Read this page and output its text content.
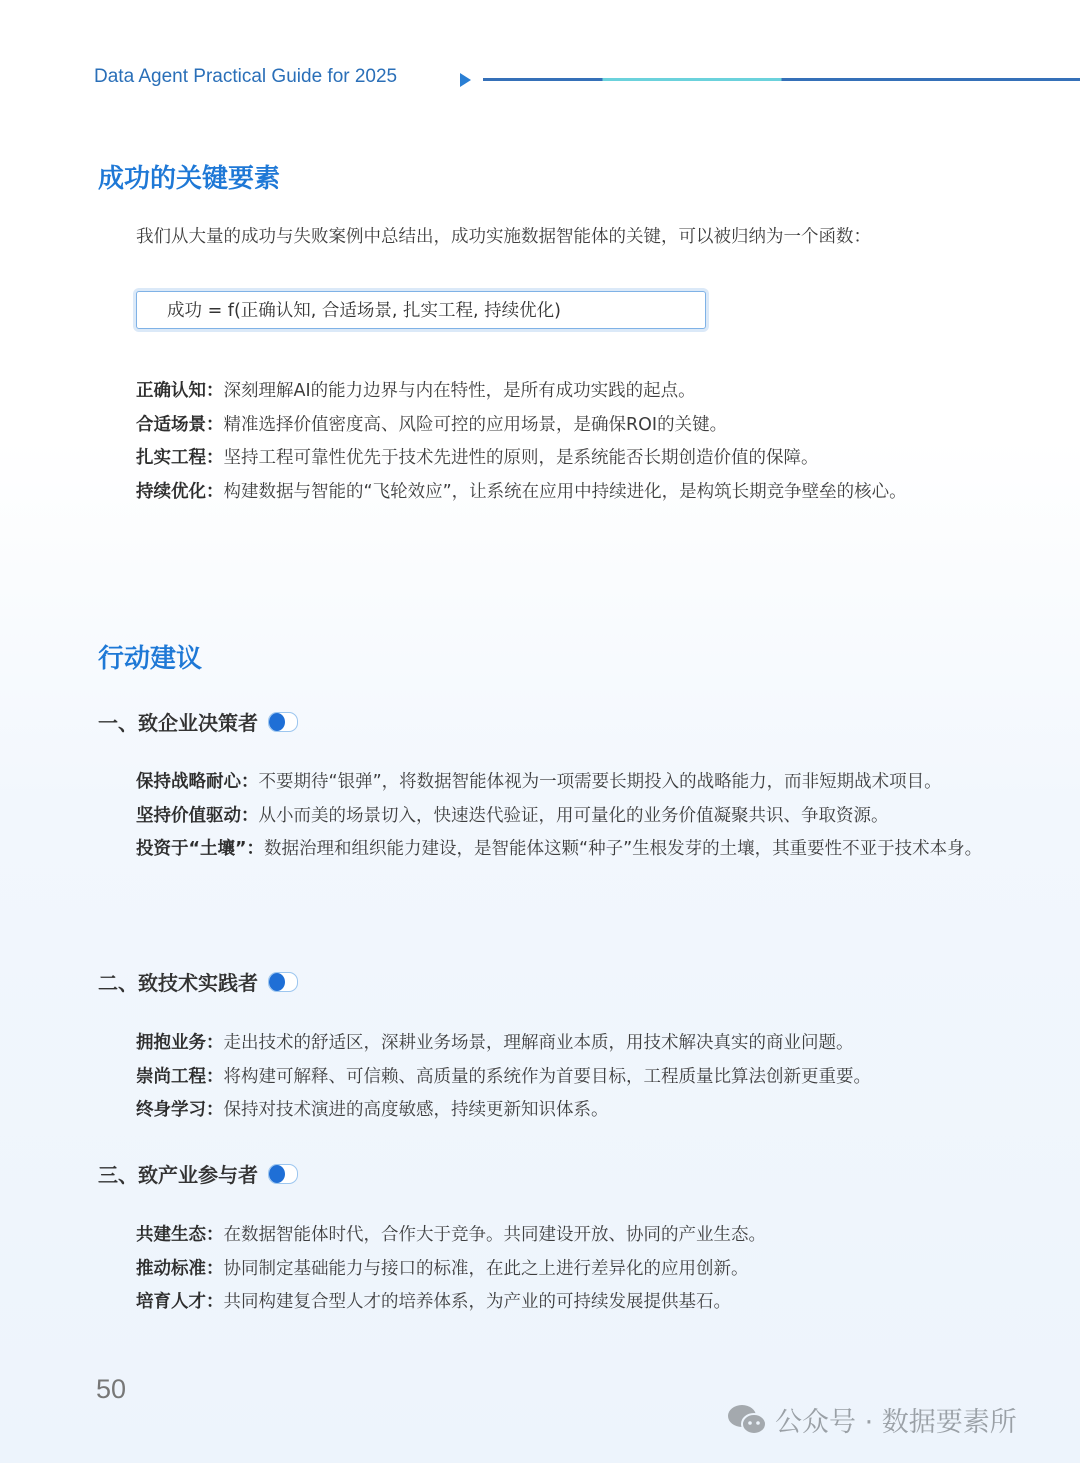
Data Agent Practical Guide for 2025
成功的关键要素
我们从大量的成功与失败案例中总结出，成功实施数据智能体的关键，可以被归纳为一个函数：
成功 = f(正确认知, 合适场景, 扎实工程, 持续优化)
正确认知：深刻理解AI的能力边界与内在特性，是所有成功实践的起点。
合适场景：精准选择价值密度高、风险可控的应用场景，是确保ROI的关键。
扎实工程：坚持工程可靠性优先于技术先进性的原则，是系统能否长期创造价值的保障。
持续优化：构建数据与智能的“飞轮效应”，让系统在应用中持续进化，是构筑长期竞争壁垒的核心。
行动建议
一、致企业决策者
保持战略耐心：不要期待“银弹”，将数据智能体视为一项需要长期投入的战略能力，而非短期战术项目。
坚持价值驱动：从小而美的场景切入，快速迭代验证，用可量化的业务价值凝聚共识、争取资源。
投资于“土壤”：数据治理和组织能力建设，是智能体这颗“种子”生根发芽的土壤，其重要性不亚于技术本身。
二、致技术实践者
拥抱业务：走出技术的舒适区，深耕业务场景，理解商业本质，用技术解决真实的商业问题。
崇尚工程：将构建可解释、可信赖、高质量的系统作为首要目标，工程质量比算法创新更重要。
终身学习：保持对技术演进的高度敏感，持续更新知识体系。
三、致产业参与者
共建生态：在数据智能体时代，合作大于竞争。共同建设开放、协同的产业生态。
推动标准：协同制定基础能力与接口的标准，在此之上进行差异化的应用创新。
培育人才：共同构建复合型人才的培养体系，为产业的可持续发展提供基石。
50
公众号 · 数据要素所
